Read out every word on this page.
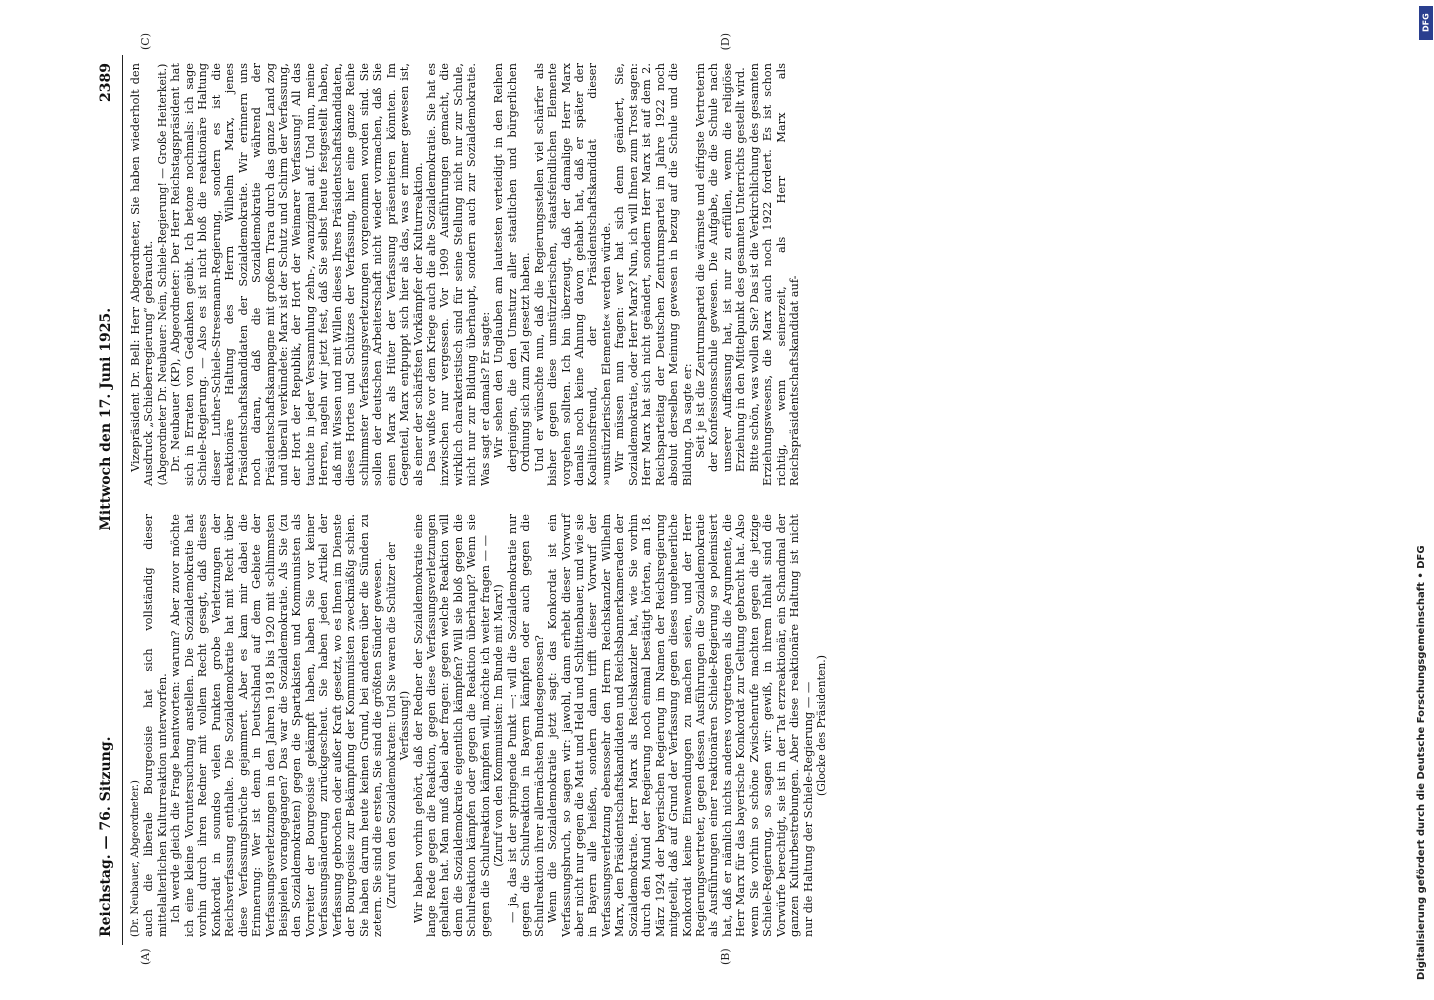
Reichstag. — 76. Sitzung.
Mittwoch den 17. Juni 1925.
2389
(A)	(B)

(Dr. Neubauer, Abgeordneter.) auch die liberale Bourgeoisie hat sich vollständig dieser mittelalterlichen Kulturreaktion unterworfen. Ich werde gleich die Frage beantworten: warum? Aber zuvor möchte ich eine kleine Voruntersuchung anstellen. Die Sozialdemokratie hat vorhin durch ihren Redner mit vollem Recht gesagt, daß dieses Konkordat in soundso vielen Punkten grobe Verletzungen der Reichsverfassung enthalte. Die Sozialdemokratie hat mit Recht über diese Verfassungsbrüche gejammert. Aber es kam mir dabei die Erinnerung: Wer ist denn in Deutschland auf dem Gebiete der Verfassungsverletzungen in den Jahren 1918 bis 1920 mit schlimmsten Beispielen vorangegangen? Das war die Sozialdemokratie. Als Sie (zu den Sozialdemokraten) gegen die Spartakisten und Kommunisten als Vorreiter der Bourgeoisie gekämpft haben, haben Sie vor keiner Verfassungsänderung zurückgescheut. Sie haben jeden Artikel der Verfassung gebrochen oder außer Kraft gesetzt, wo es Ihnen im Dienste der Bourgeoisie zur Bekämpfung der Kommunisten zweckmäßig schien. Sie haben darum heute keinen Grund, bei anderen über die Sünden zu zetern. Sie sind die ersten, Sie sind die größten Sünder gewesen. (Zuruf von den Sozialdemokraten: Und Sie waren die Schützer der Verfassung!) Wir haben vorhin gehört, daß der Redner der Sozialdemokratie eine lange Rede gegen die Reaktion, gegen diese Verfassungsverletzungen gehalten hat. Man muß dabei aber fragen: gegen welche Reaktion will denn die Sozialdemokratie eigentlich kämpfen? Will sie bloß gegen die Schulreaktion kämpfen oder gegen die Reaktion überhaupt? Wenn sie gegen die Schulreaktion kämpfen will, möchte ich weiter fragen — — (Zuruf von den Kommunisten: Im Bunde mit Marx!) — ja, das ist der springende Punkt —: will die Sozialdemokratie nur gegen die Schulreaktion in Bayern kämpfen oder auch gegen die Schulreaktion ihrer allernächsten Bundesgenossen? Wenn die Sozialdemokratie jetzt sagt: das Konkordat ist ein Verfassungsbruch, so sagen wir: jawohl, dann erhebt dieser Vorwurf aber nicht nur gegen die Matt und Held und Schlittenbauer, und wie sie in Bayern alle heißen, sondern dann trifft dieser Vorwurf der Verfassungsverletzung ebensosehr den Herrn Reichskanzler Wilhelm Marx, den Präsidentschaftskandidaten und Reichsbannerkameraden der Sozialdemokratie. Herr Marx als Reichskanzler hat, wie Sie vorhin durch den Mund der Regierung noch einmal bestätigt hörten, am 18. März 1924 der bayerischen Regierung im Namen der Reichsregierung mitgeteilt, daß auf Grund der Verfassung gegen dieses ungeheuerliche Konkordat keine Einwendungen zu machen seien, und der Herr Regierungsvertreter, gegen dessen Ausführungen die Sozialdemokratie als Ausführungen einer reaktionären Schiele-Regierung so polemisiert hat, daß er nämlich nichts anderes vorgetragen als die Argumente, die Herr Marx für das bayerische Konkordat zur Geltung gebracht hat. Also wenn Sie vorhin so schöne Zwischenrufe machten gegen die jetzige Schiele-Regierung, so sagen wir: gewiß, in ihrem Inhalt sind die Vorwürfe berechtigt, sie ist in der Tat erzreaktionär, ein Schandmal der ganzen Kulturbestrebungen. Aber diese reaktionäre Haltung ist nicht nur die Haltung der Schiele-Regierung — — (Glocke des Präsidenten.)

(C)	(D)

Vizepräsident Dr. Bell: Herr Abgeordneter, Sie haben wiederholt den Ausdruck „Schieberregierung“ gebraucht. (Abgeordneter Dr. Neubauer: Nein, Schiele-Regierung! — Große Heiterkeit.) Dr. Neubauer (KP), Abgeordneter: Der Herr Reichstagspräsident hat sich in Erraten von Gedanken geübt. Ich betone nochmals: ich sage Schiele-Regierung. — Also es ist nicht bloß die reaktionäre Haltung dieser Luther-Schiele-Stresemann-Regierung, sondern es ist die reaktionäre Haltung des Herrn Wilhelm Marx, jenes Präsidentschaftskandidaten der Sozialdemokratie. Wir erinnern uns noch daran, daß die Sozialdemokratie während der Präsidentschaftskampagne mit großem Trara durch das ganze Land zog und überall verkündete: Marx ist der Schutz und Schirm der Verfassung, der Hort der Republik, der Hort der Weimarer Verfassung! All das tauchte in jeder Versammlung zehn-, zwanzigmal auf. Und nun, meine Herren, nageln wir jetzt fest, daß Sie selbst heute festgestellt haben, daß mit Wissen und mit Willen dieses Ihres Präsidentschaftskandidaten, dieses Hortes und Schützes der Verfassung, hier eine ganze Reihe schlimmster Verfassungsverletzungen vorgenommen worden sind. Sie sollen der deutschen Arbeiterschaft nicht wieder vormachen, daß Sie einen Marx als Hüter der Verfassung präsentieren könnten. Im Gegenteil, Marx entpuppt sich hier als das, was er immer gewesen ist, als einer der schärfsten Vorkämpfer der Kulturreaktion. Das wußte vor dem Kriege auch die alte Sozialdemokratie. Sie hat es inzwischen nur vergessen. Vor 1909 Ausführungen gemacht, die wirklich charakteristisch sind für seine Stellung nicht nur zur Schule, nicht nur zur Bildung überhaupt, sondern auch zur Sozialdemokratie. Was sagt er damals? Er sagte: Wir sehen den Unglauben am lautesten verteidigt in den Reihen derjenigen, die den Umsturz aller staatlichen und bürgerlichen Ordnung sich zum Ziel gesetzt haben. Und er wünschte nun, daß die Regierungsstellen viel schärfer als bisher gegen diese umstürzlerischen, staatsfeindlichen Elemente vorgehen sollten. Ich bin überzeugt, daß der damalige Herr Marx damals noch keine Ahnung davon gehabt hat, daß er später der Koalitionsfreund, der Präsidentschaftskandidat dieser »umstürzlerischen Elemente« werden würde. Wir müssen nun fragen: wer hat sich denn geändert, Sie, Sozialdemokratie, oder Herr Marx? Nun, ich will Ihnen zum Trost sagen: Herr Marx hat sich nicht geändert, sondern Herr Marx ist auf dem 2. Reichsparteitag der Deutschen Zentrumspartei im Jahre 1922 noch absolut derselben Meinung gewesen in bezug auf die Schule und die Bildung. Da sagte er: Seit je ist die Zentrumspartei die wärmste und eifrigste Vertreterin der Konfessionsschule gewesen. Die Aufgabe, die die Schule nach unserer Auffassung hat, ist nur zu erfüllen, wenn die religiöse Erziehung in den Mittelpunkt des gesamten Unterrichts gestellt wird. Bitte schön, was wollen Sie? Das ist die Verkirchlichung des gesamten Erziehungswesens, die Marx auch noch 1922 fordert. Es ist schon richtig, wenn seinerzeit, als Herr Marx als Reichspräsidentschaftskandidat auf-

DFG
Digitalisierung gefördert durch die Deutsche Forschungsgemeinschaft • DFG
